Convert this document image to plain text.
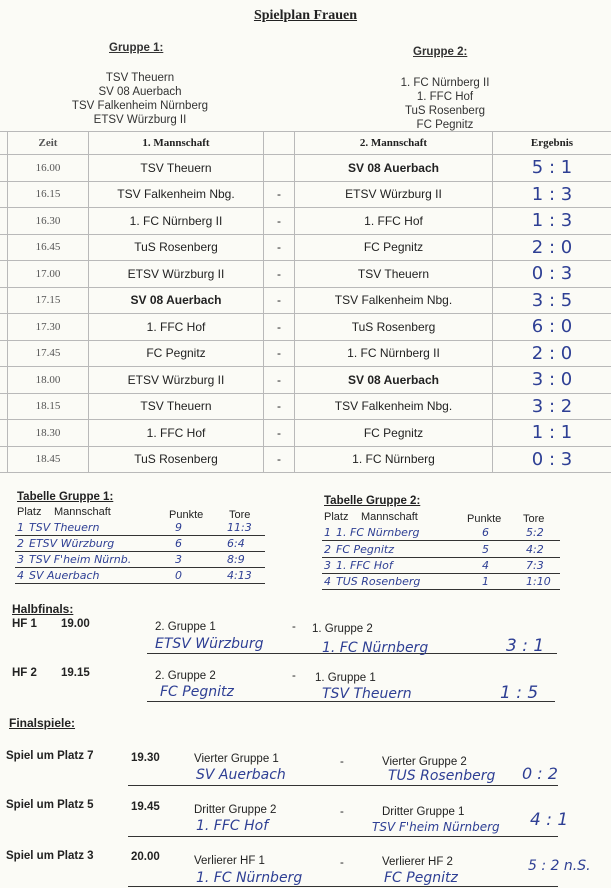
Spielplan Frauen
Gruppe 1:
TSV Theuern
SV 08 Auerbach
TSV Falkenheim Nürnberg
ETSV Würzburg II
Gruppe 2:
1. FC Nürnberg II
1. FFC Hof
TuS Rosenberg
FC Pegnitz
	Zeit	1. Mannschaft		2. Mannschaft	Ergebnis
	16.00	TSV Theuern		SV 08 Auerbach	5 : 1
	16.15	TSV Falkenheim Nbg.	-	ETSV Würzburg II	1 : 3
	16.30	1. FC Nürnberg II	-	1. FFC Hof	1 : 3
	16.45	TuS Rosenberg	-	FC Pegnitz	2 : 0
	17.00	ETSV Würzburg II	-	TSV Theuern	0 : 3
	17.15	SV 08 Auerbach	-	TSV Falkenheim Nbg.	3 : 5
	17.30	1. FFC Hof	-	TuS Rosenberg	6 : 0
	17.45	FC Pegnitz	-	1. FC Nürnberg II	2 : 0
	18.00	ETSV Würzburg II	-	SV 08 Auerbach	3 : 0
	18.15	TSV Theuern	-	TSV Falkenheim Nbg.	3 : 2
	18.30	1. FFC Hof	-	FC Pegnitz	1 : 1
	18.45	TuS Rosenberg	-	1. FC Nürnberg	0 : 3
Tabelle Gruppe 1:
Platz Mannschaft	Punkte Tore
1 TSV Theuern	9	11:3
2 ETSV Würzburg	6	6:4
3 TSV F'heim Nürnb.	3	8:9
4 SV Auerbach	0	4:13
Tabelle Gruppe 2:
Platz Mannschaft	Punkte Tore
1 1. FC Nürnberg	6	5:2
2 FC Pegnitz	5	4:2
3 1. FFC Hof	4	7:3
4 TUS Rosenberg	1	1:10
Halbfinals:
HF 1 19.00	2. Gruppe 1	- 1. Gruppe 2
ETSV Würzburg	1. FC Nürnberg	3 : 1
HF 2 19.15	2. Gruppe 2	- 1. Gruppe 1
FC Pegnitz	TSV Theuern	1 : 5
Finalspiele:
Spiel um Platz 7	19.30	Vierter Gruppe 1	-	Vierter Gruppe 2
SV Auerbach	TUS Rosenberg 0 : 2
Spiel um Platz 5	19.45	Dritter Gruppe 2	-	Dritter Gruppe 1
1. FFC Hof	TSV F'heim Nürnberg 4 : 1
Spiel um Platz 3	20.00	Verlierer HF 1	-	Verlierer HF 2
1. FC Nürnberg	FC Pegnitz
5 : 2 n.S.
